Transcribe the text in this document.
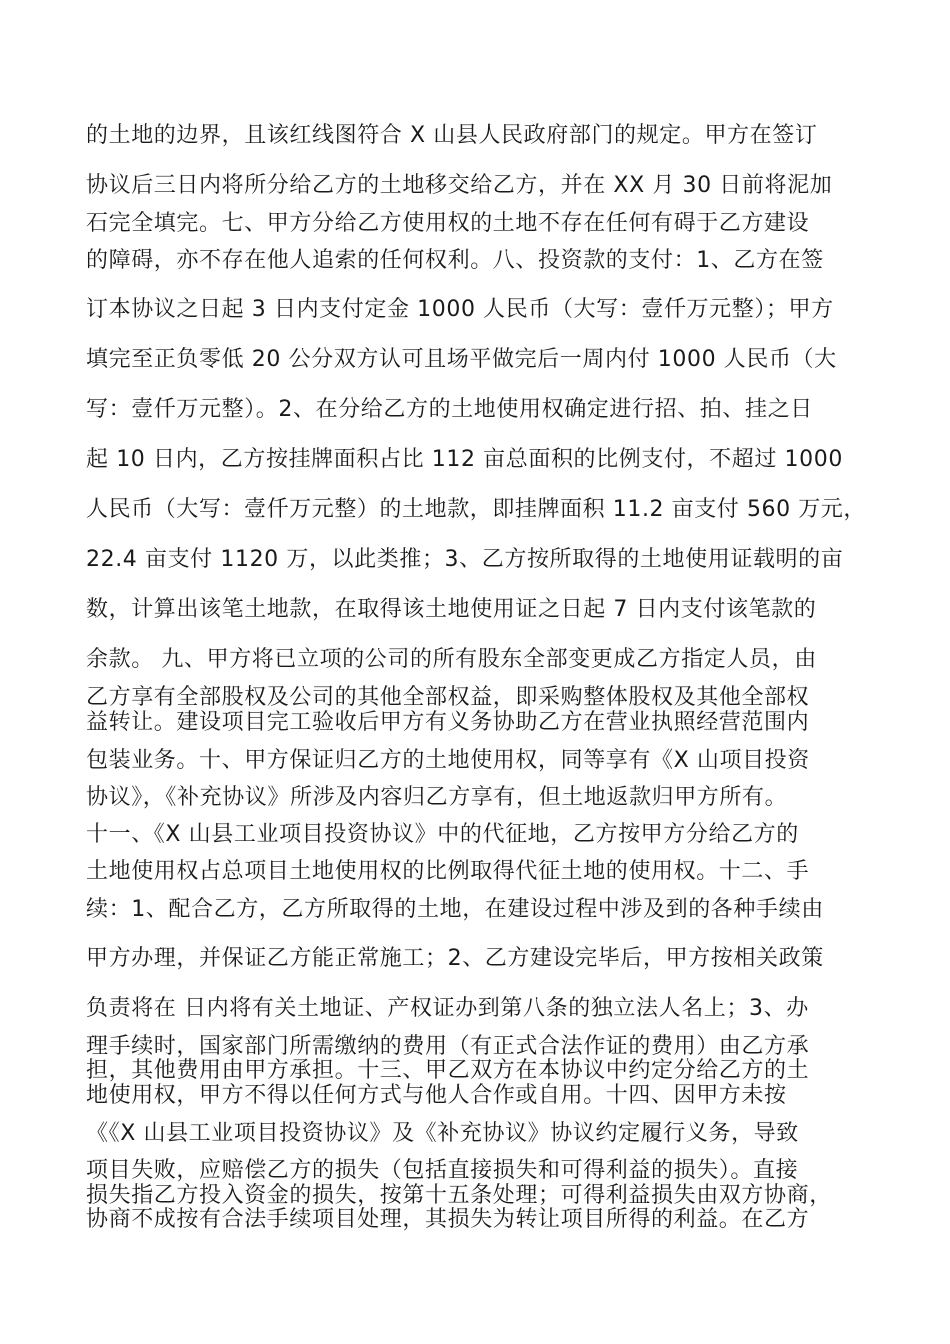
的土地的边界，且该红线图符合 X 山县人民政府部门的规定。甲方在签订
协议后三日内将所分给乙方的土地移交给乙方，并在 XX 月 30 日前将泥加
石完全填完。七、甲方分给乙方使用权的土地不存在任何有碍于乙方建设
的障碍，亦不存在他人追索的任何权利。八、投资款的支付：1、乙方在签
订本协议之日起 3 日内支付定金 1000 人民币（大写：壹仟万元整）；甲方
填完至正负零低 20 公分双方认可且场平做完后一周内付 1000 人民币（大
写：壹仟万元整）。2、在分给乙方的土地使用权确定进行招、拍、挂之日
起 10 日内，乙方按挂牌面积占比 112 亩总面积的比例支付，不超过 1000
人民币（大写：壹仟万元整）的土地款，即挂牌面积 11.2 亩支付 560 万元，
22.4 亩支付 1120 万，以此类推；3、乙方按所取得的土地使用证载明的亩
数，计算出该笔土地款，在取得该土地使用证之日起 7 日内支付该笔款的
余款。 九、甲方将已立项的公司的所有股东全部变更成乙方指定人员，由
乙方享有全部股权及公司的其他全部权益，即采购整体股权及其他全部权
益转让。建设项目完工验收后甲方有义务协助乙方在营业执照经营范围内
包装业务。十、甲方保证归乙方的土地使用权，同等享有《X 山项目投资
协议》，《补充协议》所涉及内容归乙方享有，但土地返款归甲方所有。
十一、《X 山县工业项目投资协议》中的代征地，乙方按甲方分给乙方的
土地使用权占总项目土地使用权的比例取得代征土地的使用权。十二、手
续：1、配合乙方，乙方所取得的土地，在建设过程中涉及到的各种手续由
甲方办理，并保证乙方能正常施工；2、乙方建设完毕后，甲方按相关政策
负责将在 日内将有关土地证、产权证办到第八条的独立法人名上；3、办
理手续时，国家部门所需缴纳的费用（有正式合法作证的费用）由乙方承
担，其他费用由甲方承担。十三、甲乙双方在本协议中约定分给乙方的土
地使用权，甲方不得以任何方式与他人合作或自用。十四、因甲方未按
《《X 山县工业项目投资协议》及《补充协议》协议约定履行义务，导致
项目失败，应赔偿乙方的损失（包括直接损失和可得利益的损失）。直接
损失指乙方投入资金的损失，按第十五条处理；可得利益损失由双方协商，
协商不成按有合法手续项目处理，其损失为转让项目所得的利益。在乙方
